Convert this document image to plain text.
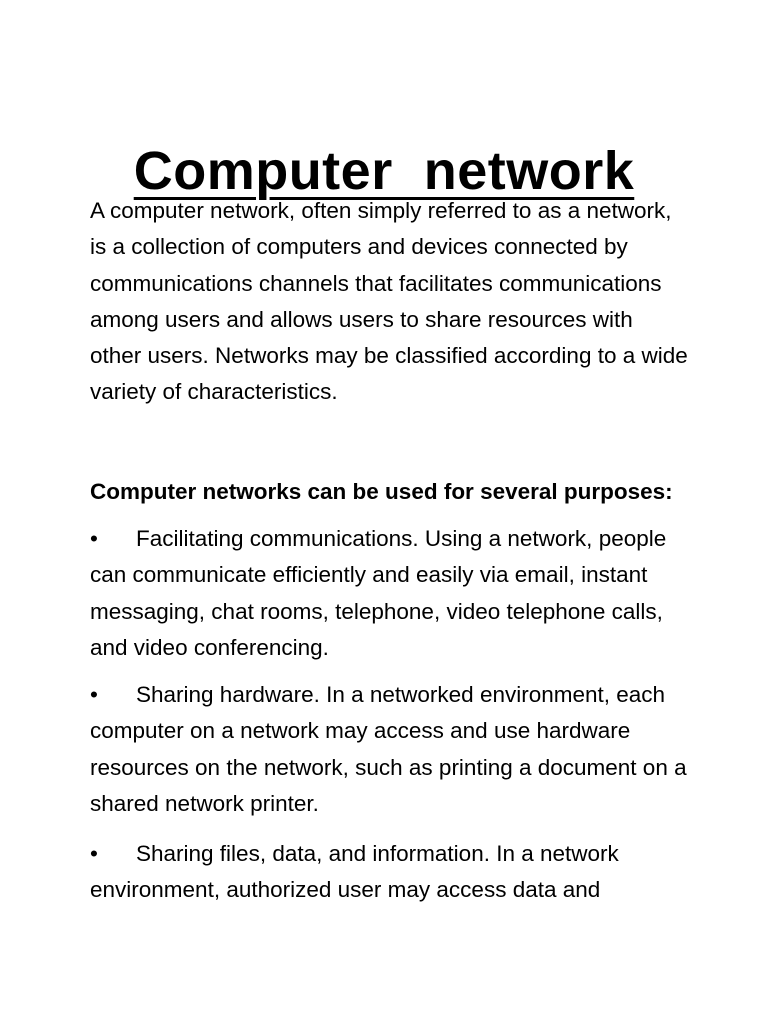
Computer  network

A computer network, often simply referred to as a network, is a collection of computers and devices connected by communications channels that facilitates communications among users and allows users to share resources with other users. Networks may be classified according to a wide variety of characteristics.

Computer networks can be used for several purposes:

• Facilitating communications. Using a network, people can communicate efficiently and easily via email, instant messaging, chat rooms, telephone, video telephone calls, and video conferencing.

• Sharing hardware. In a networked environment, each computer on a network may access and use hardware resources on the network, such as printing a document on a shared network printer.

• Sharing files, data, and information. In a network environment, authorized user may access data and
